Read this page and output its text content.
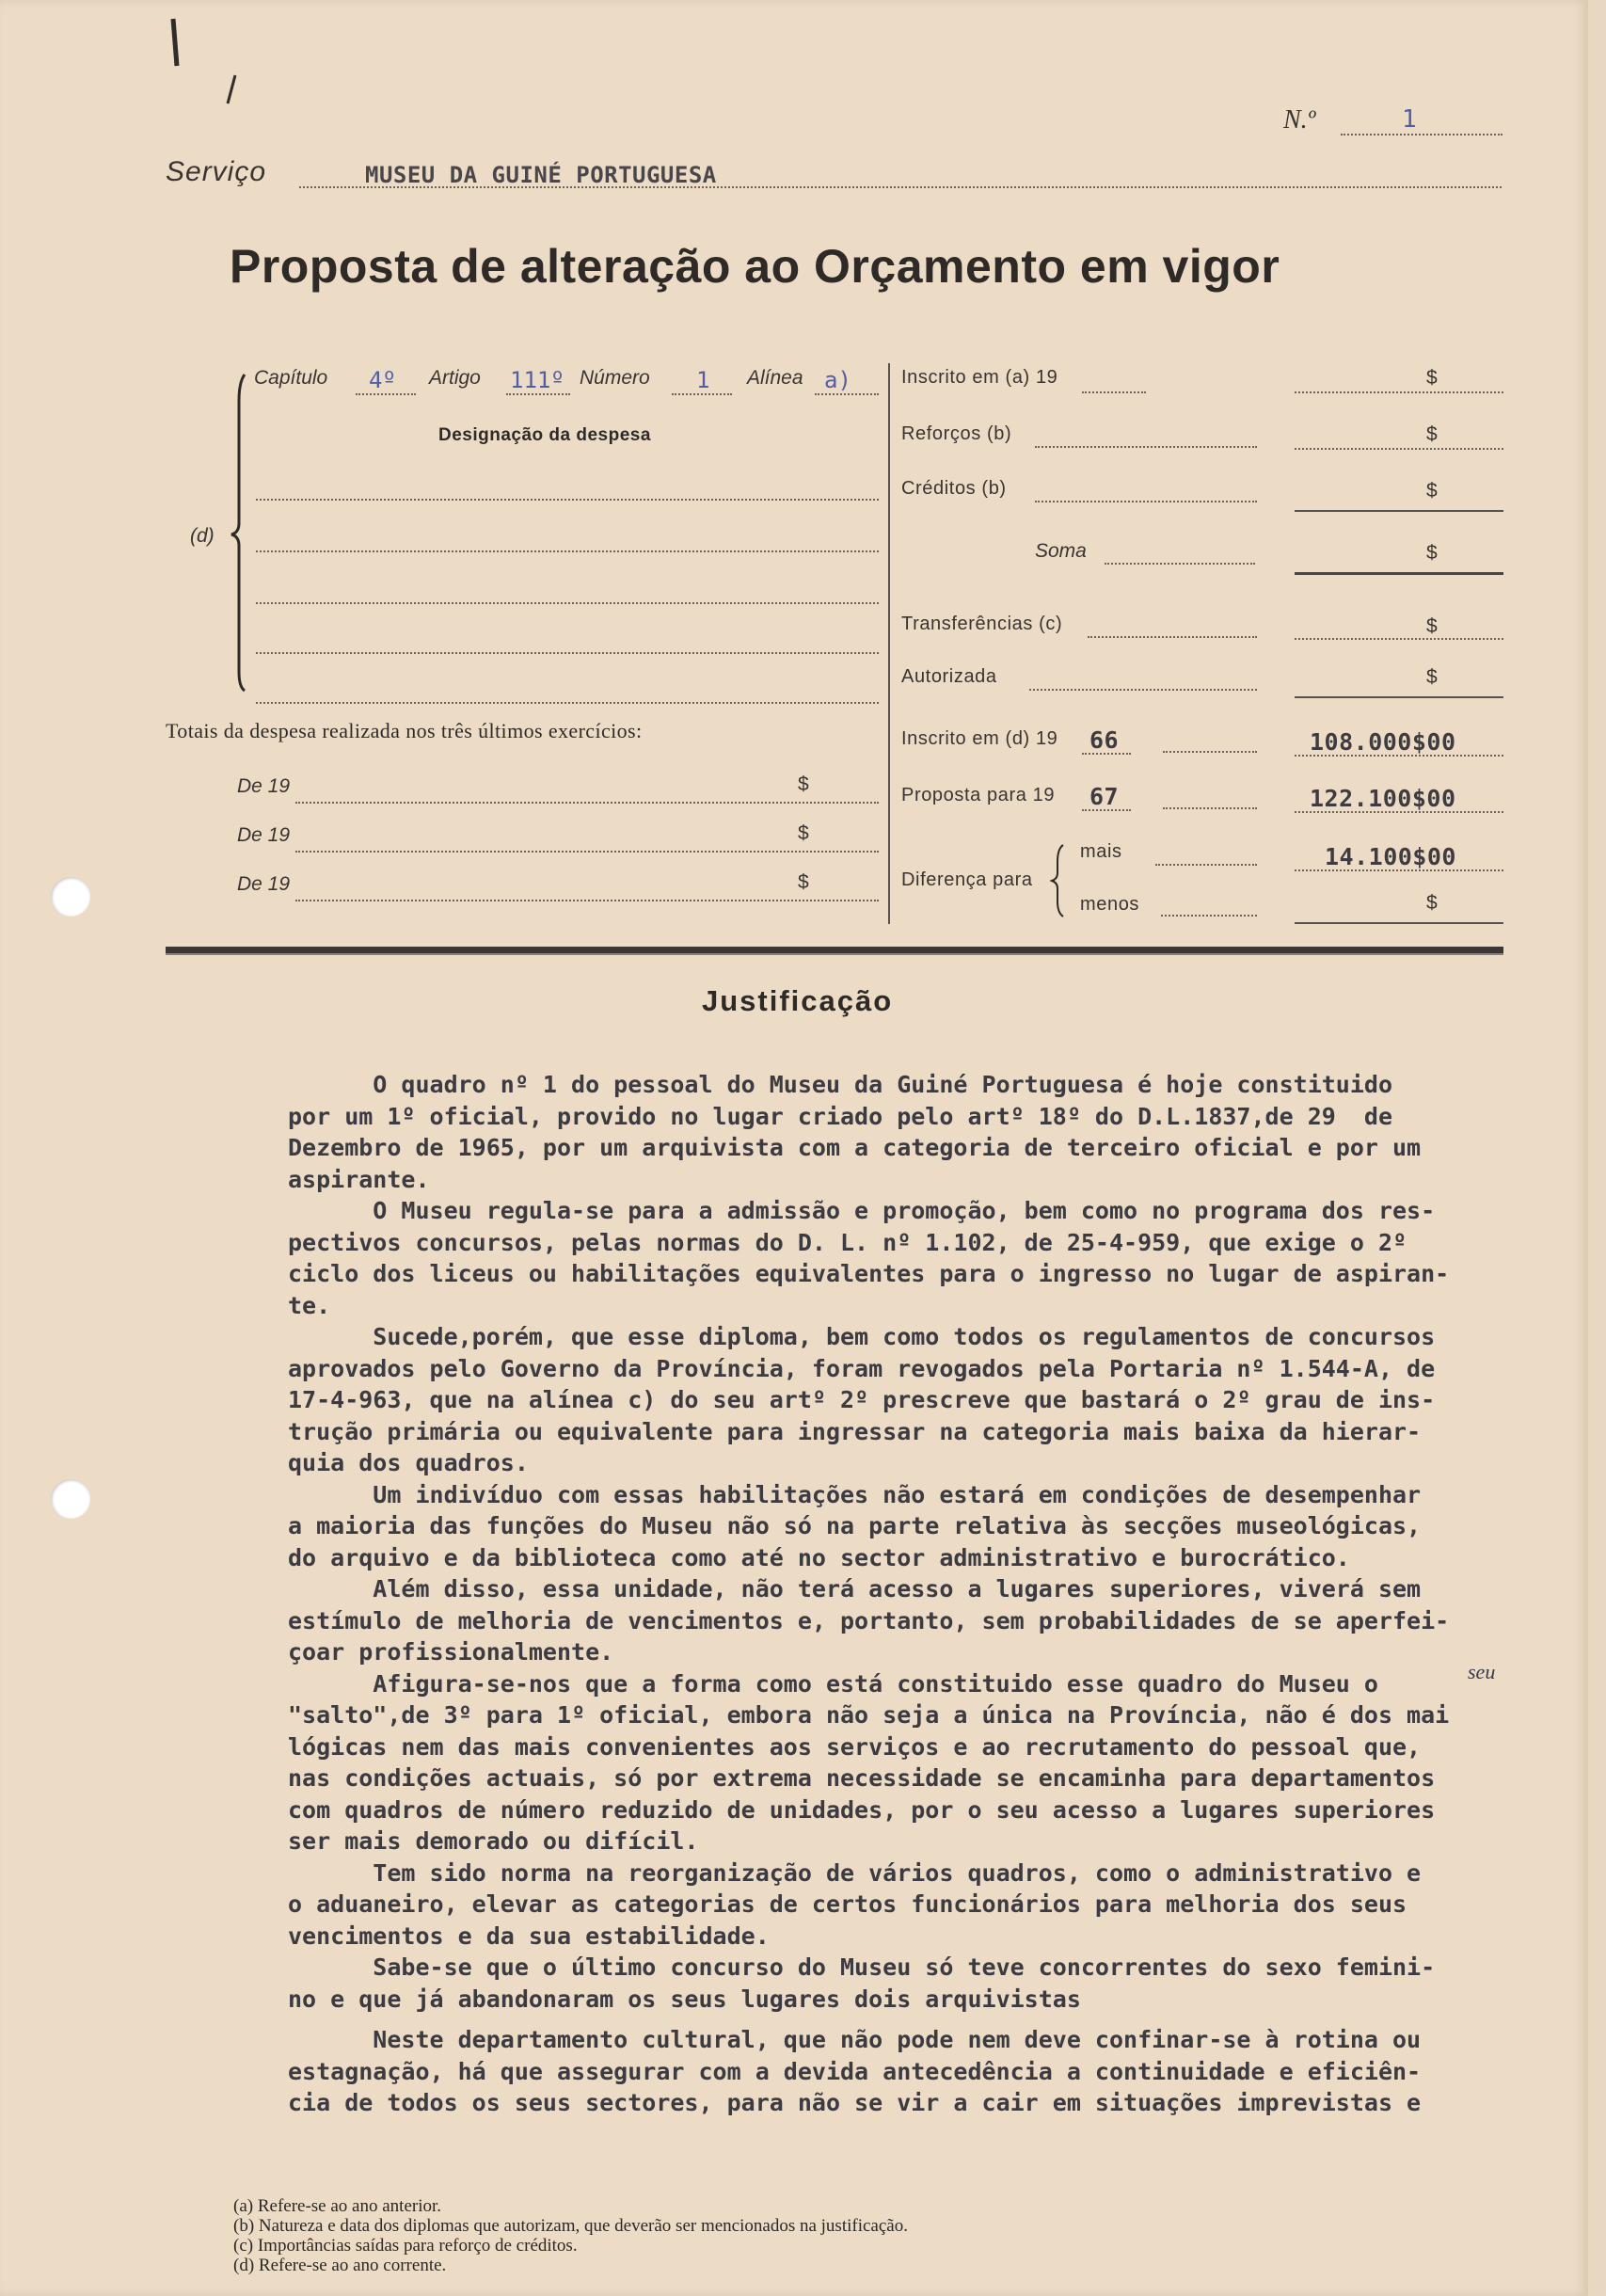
N.º	1
Serviço	MUSEU DA GUINÉ PORTUGUESA
Proposta de alteração ao Orçamento em vigor
Capítulo 4º Artigo 111º Número 1 Alínea a)
Designação da despesa
(d)
Totais da despesa realizada nos três últimos exercícios:
De 19	$
De 19	$
De 19	$
Inscrito em (a) 19	$
Reforços (b)	$
Créditos (b)	$
Soma	$
Transferências (c)	$
Autorizada	$
Inscrito em (d) 19 66	108.000$00
Proposta para 19 67	122.100$00
Diferença para
mais	14.100$00
menos	$
Justificação
O quadro nº 1 do pessoal do Museu da Guiné Portuguesa é hoje constituido
por um 1º oficial, provido no lugar criado pelo artº 18º do D.L.1837,de 29  de
Dezembro de 1965, por um arquivista com a categoria de terceiro oficial e por um
aspirante.
O Museu regula-se para a admissão e promoção, bem como no programa dos res-
pectivos concursos, pelas normas do D. L. nº 1.102, de 25-4-959, que exige o 2º
ciclo dos liceus ou habilitações equivalentes para o ingresso no lugar de aspiran-
te.
Sucede,porém, que esse diploma, bem como todos os regulamentos de concursos
aprovados pelo Governo da Província, foram revogados pela Portaria nº 1.544-A, de
17-4-963, que na alínea c) do seu artº 2º prescreve que bastará o 2º grau de ins-
trução primária ou equivalente para ingressar na categoria mais baixa da hierar-
quia dos quadros.
Um indivíduo com essas habilitações não estará em condições de desempenhar
a maioria das funções do Museu não só na parte relativa às secções museológicas,
do arquivo e da biblioteca como até no sector administrativo e burocrático.
Além disso, essa unidade, não terá acesso a lugares superiores, viverá sem
estímulo de melhoria de vencimentos e, portanto, sem probabilidades de se aperfei-
çoar profissionalmente.
Afigura-se-nos que a forma como está constituido esse quadro do Museu o
"salto",de 3º para 1º oficial, embora não seja a única na Província, não é dos mai
lógicas nem das mais convenientes aos serviços e ao recrutamento do pessoal que,
nas condições actuais, só por extrema necessidade se encaminha para departamentos
com quadros de número reduzido de unidades, por o seu acesso a lugares superiores
ser mais demorado ou difícil.
Tem sido norma na reorganização de vários quadros, como o administrativo e
o aduaneiro, elevar as categorias de certos funcionários para melhoria dos seus
vencimentos e da sua estabilidade.
Sabe-se que o último concurso do Museu só teve concorrentes do sexo femini-
no e que já abandonaram os seus lugares dois arquivistas
Neste departamento cultural, que não pode nem deve confinar-se à rotina ou
estagnação, há que assegurar com a devida antecedência a continuidade e eficiên-
cia de todos os seus sectores, para não se vir a cair em situações imprevistas e
seu
(a) Refere-se ao ano anterior.
(b) Natureza e data dos diplomas que autorizam, que deverão ser mencionados na justificação.
(c) Importâncias saídas para reforço de créditos.
(d) Refere-se ao ano corrente.
